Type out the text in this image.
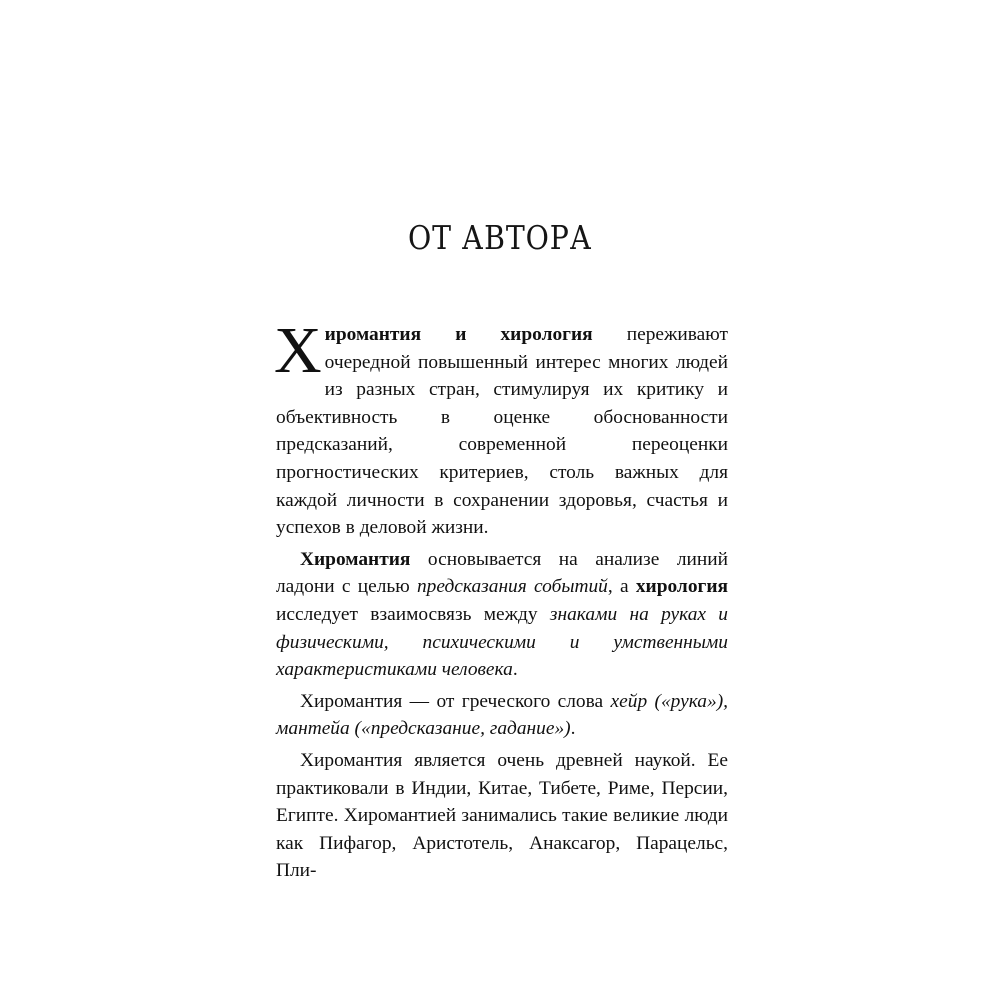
ОТ АВТОРА

Хиромантия и хирология переживают очередной повышенный интерес многих людей из разных стран, стимулируя их критику и объективность в оценке обоснованности предсказаний, современной переоценки прогностических критериев, столь важных для каждой личности в сохранении здоровья, счастья и успехов в деловой жизни.

Хиромантия основывается на анализе линий ладони с целью предсказания событий, а хирология исследует взаимосвязь между знаками на руках и физическими, психическими и умственными характеристиками человека.

Хиромантия — от греческого слова хейр («рука»), мантейа («предсказание, гадание»).

Хиромантия является очень древней наукой. Ее практиковали в Индии, Китае, Тибете, Риме, Персии, Египте. Хиромантией занимались такие великие люди как Пифагор, Аристотель, Анаксагор, Парацельс, Пли-
